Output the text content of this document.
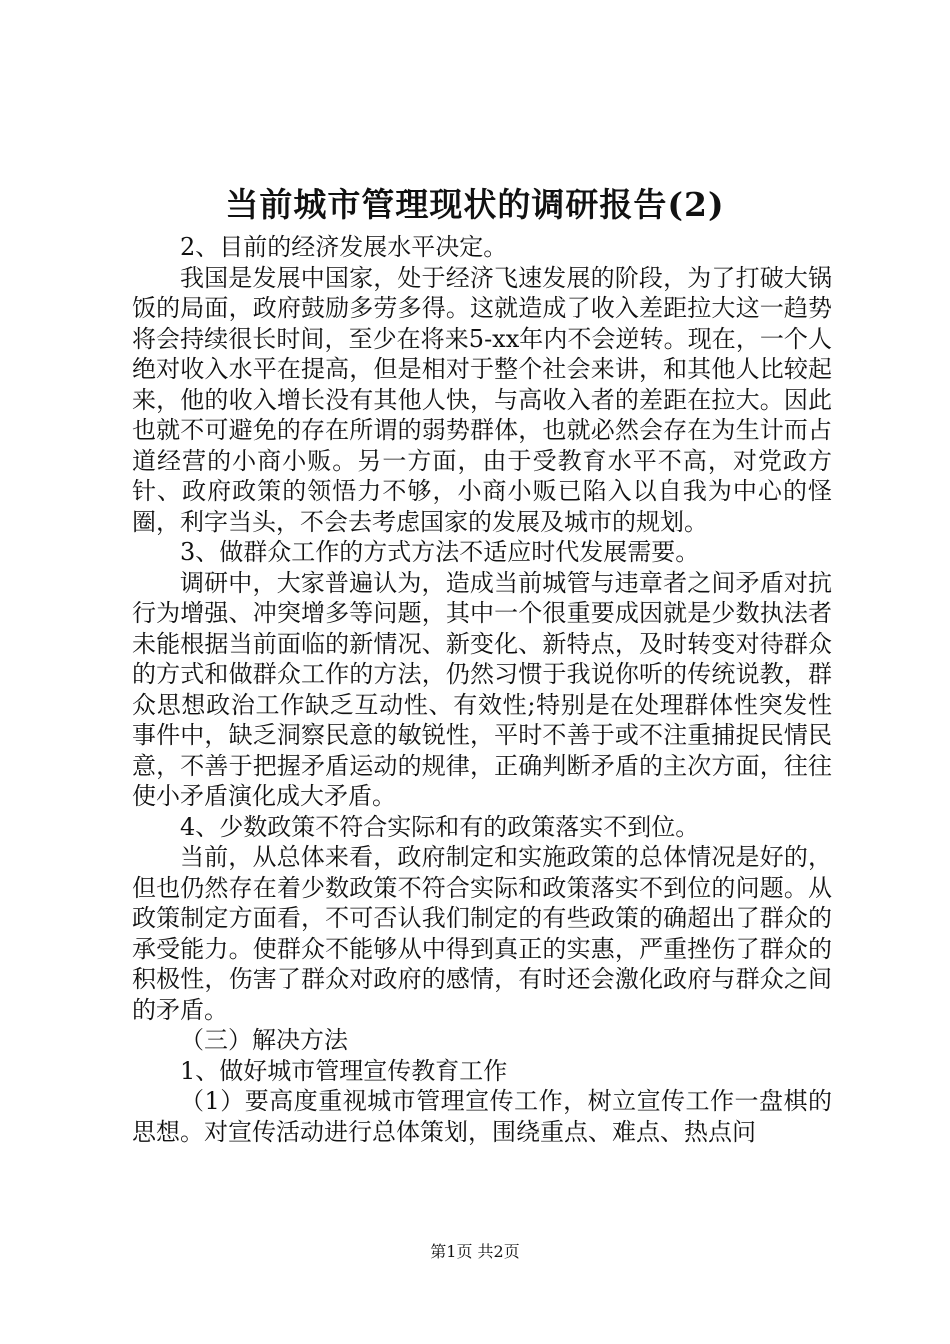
当前城市管理现状的调研报告(2)

2、目前的经济发展水平决定。

我国是发展中国家，处于经济飞速发展的阶段，为了打破大锅饭的局面，政府鼓励多劳多得。这就造成了收入差距拉大这一趋势将会持续很长时间，至少在将来5-xx年内不会逆转。现在，一个人绝对收入水平在提高，但是相对于整个社会来讲，和其他人比较起来，他的收入增长没有其他人快，与高收入者的差距在拉大。因此也就不可避免的存在所谓的弱势群体，也就必然会存在为生计而占道经营的小商小贩。另一方面，由于受教育水平不高，对党政方针、政府政策的领悟力不够，小商小贩已陷入以自我为中心的怪圈，利字当头，不会去考虑国家的发展及城市的规划。

3、做群众工作的方式方法不适应时代发展需要。

调研中，大家普遍认为，造成当前城管与违章者之间矛盾对抗行为增强、冲突增多等问题，其中一个很重要成因就是少数执法者未能根据当前面临的新情况、新变化、新特点，及时转变对待群众的方式和做群众工作的方法，仍然习惯于我说你听的传统说教，群众思想政治工作缺乏互动性、有效性;特别是在处理群体性突发性事件中，缺乏洞察民意的敏锐性，平时不善于或不注重捕捉民情民意，不善于把握矛盾运动的规律，正确判断矛盾的主次方面，往往使小矛盾演化成大矛盾。

4、少数政策不符合实际和有的政策落实不到位。

当前，从总体来看，政府制定和实施政策的总体情况是好的，但也仍然存在着少数政策不符合实际和政策落实不到位的问题。从政策制定方面看，不可否认我们制定的有些政策的确超出了群众的承受能力。使群众不能够从中得到真正的实惠，严重挫伤了群众的积极性，伤害了群众对政府的感情，有时还会激化政府与群众之间的矛盾。

（三）解决方法

1、做好城市管理宣传教育工作

（1）要高度重视城市管理宣传工作，树立宣传工作一盘棋的思想。对宣传活动进行总体策划，围绕重点、难点、热点问

第1页 共2页
